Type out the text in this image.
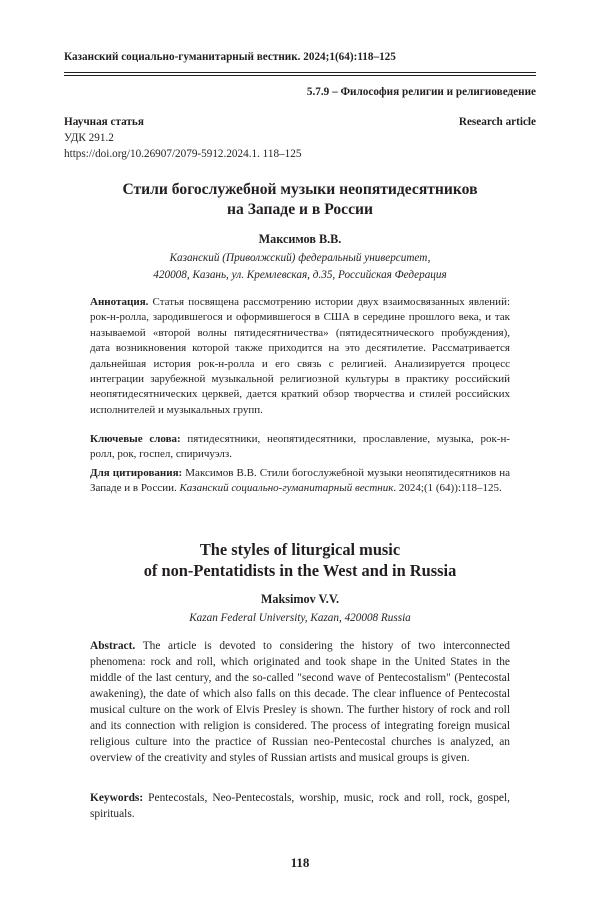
Казанский социально-гуманитарный вестник. 2024;1(64):118–125
5.7.9 – Философия религии и религиоведение
Научная статья	Research article
УДК 291.2
https://doi.org/10.26907/2079-5912.2024.1. 118–125
Стили богослужебной музыки неопятидесятников
на Западе и в России
Максимов В.В.
Казанский (Приволжский) федеральный университет,
420008, Казань, ул. Кремлевская, д.35, Российская Федерация

Аннотация. Статья посвящена рассмотрению истории двух взаимосвязанных явлений: рок-н-ролла, зародившегося и оформившегося в США в середине прошлого века, и так называемой «второй волны пятидесятничества» (пятидесятнического пробуждения), дата возникновения которой также приходится на это десятилетие. Рассматривается дальнейшая история рок-н-ролла и его связь с религией. Анализируется процесс интеграции зарубежной музыкальной религиозной культуры в практику российский неопятидесятнических церквей, дается краткий обзор творчества и стилей российских исполнителей и музыкальных групп.

Ключевые слова: пятидесятники, неопятидесятники, прославление, музыка, рок-н-ролл, рок, госпел, спиричуэлз.

Для цитирования: Максимов В.В. Стили богослужебной музыки неопятидесятников на Западе и в России. Казанский социально-гуманитарный вестник. 2024;(1 (64)):118–125.

The styles of liturgical music
of non-Pentatidists in the West and in Russia
Maksimov V.V.
Kazan Federal University, Kazan, 420008 Russia

Abstract. The article is devoted to considering the history of two interconnected phenomena: rock and roll, which originated and took shape in the United States in the middle of the last century, and the so-called "second wave of Pentecostalism" (Pentecostal awakening), the date of which also falls on this decade. The clear influence of Pentecostal musical culture on the work of Elvis Presley is shown. The further history of rock and roll and its connection with religion is considered. The process of integrating foreign musical religious culture into the practice of Russian neo-Pentecostal churches is analyzed, an overview of the creativity and styles of Russian artists and musical groups is given.

Keywords: Pentecostals, Neo-Pentecostals, worship, music, rock and roll, rock, gospel, spirituals.

118
